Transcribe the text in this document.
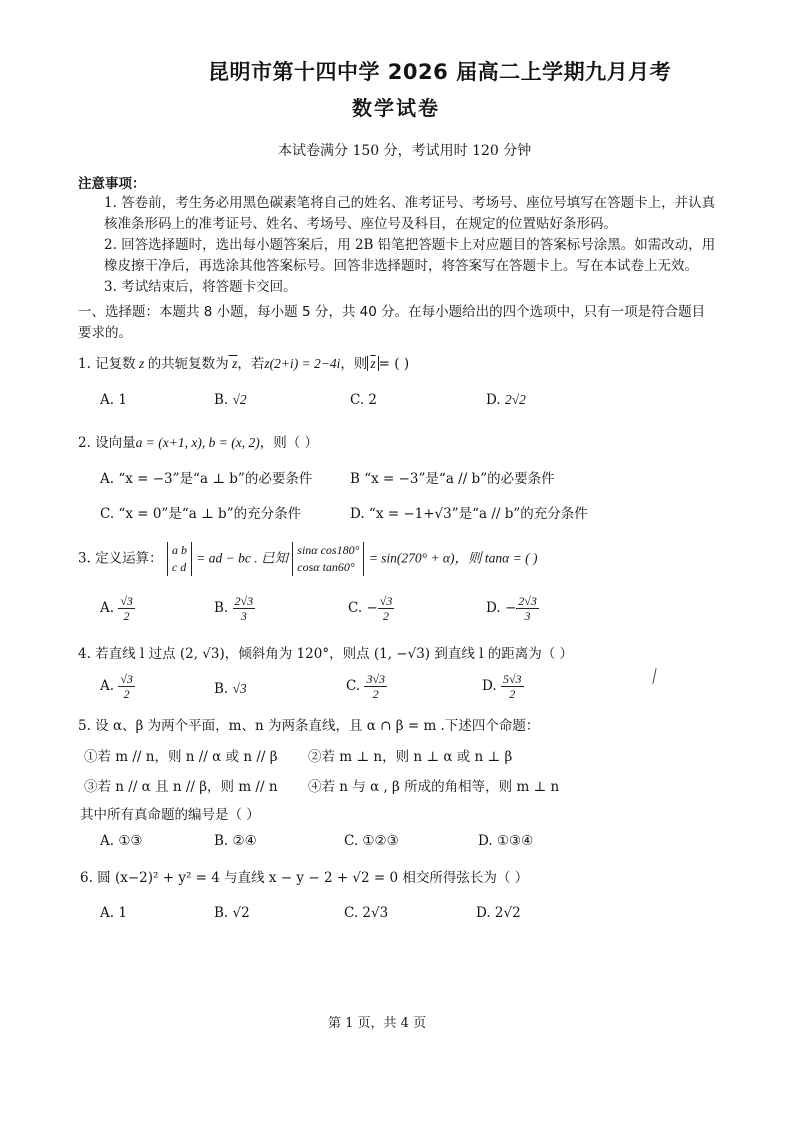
昆明市第十四中学 2026 届高二上学期九月月考
数学试卷
本试卷满分 150 分，考试用时 120 分钟
注意事项：
1. 答卷前，考生务必用黑色碳素笔将自己的姓名、准考证号、考场号、座位号填写在答题卡上，并认真核准条形码上的准考证号、姓名、考场号、座位号及科目，在规定的位置贴好条形码。
2. 回答选择题时，选出每小题答案后，用 2B 铅笔把答题卡上对应题目的答案标号涂黑。如需改动，用橡皮擦干净后，再选涂其他答案标号。回答非选择题时，将答案写在答题卡上。写在本试卷上无效。
3. 考试结束后，将答题卡交回。
一、选择题：本题共 8 小题，每小题 5 分，共 40 分。在每小题给出的四个选项中，只有一项是符合题目要求的。
1. 记复数 z 的共轭复数为 z，若z(2+i) = 2−4i，则 $\overline{z}$ = ( )
A. 1	B. √2	C. 2	D. 2√2
2. 设向量a = (x+1, x), b = (x, 2)，则（ ）
A. “x = −3”是“a ⊥ b”的必要条件	B “x = −3”是“a // b”的必要条件
C. “x = 0”是“a ⊥ b”的充分条件	D. “x = −1+√3”是“a // b”的充分条件
3. 定义运算：
a b
c d
= ad − bc . 已知
sinα cos180°
cosα tan60°
= sin(270° + α)，则 tanα = ( )
A. $\frac{√3}{2}$	B. $\frac{2√3}{3}$	C. − $\frac{√3}{2}$	D. − $\frac{2√3}{3}$
4. 若直线 l 过点 (2, √3)，倾斜角为 120°，则点 (1, −√3) 到直线 l 的距离为（ ）
A. $\frac{√3}{2}$	B. √3	C. $\frac{3√3}{2}$	D. $\frac{5√3}{2}$
5. 设 α、β 为两个平面，m、n 为两条直线，且 α ∩ β = m .下述四个命题：
①若 m // n，则 n // α 或 n // β ②若 m ⊥ n，则 n ⊥ α 或 n ⊥ β
③若 n // α 且 n // β，则 m // n ④若 n 与 α , β 所成的角相等，则 m ⊥ n
其中所有真命题的编号是（ ）
A. ①③	B. ②④	C. ①②③	D. ①③④
6. 圆 (x−2)² + y² = 4 与直线 x − y − 2 + √2 = 0 相交所得弦长为（ ）
A. 1	B. √2	C. 2√3	D. 2√2
第 1 页，共 4 页
